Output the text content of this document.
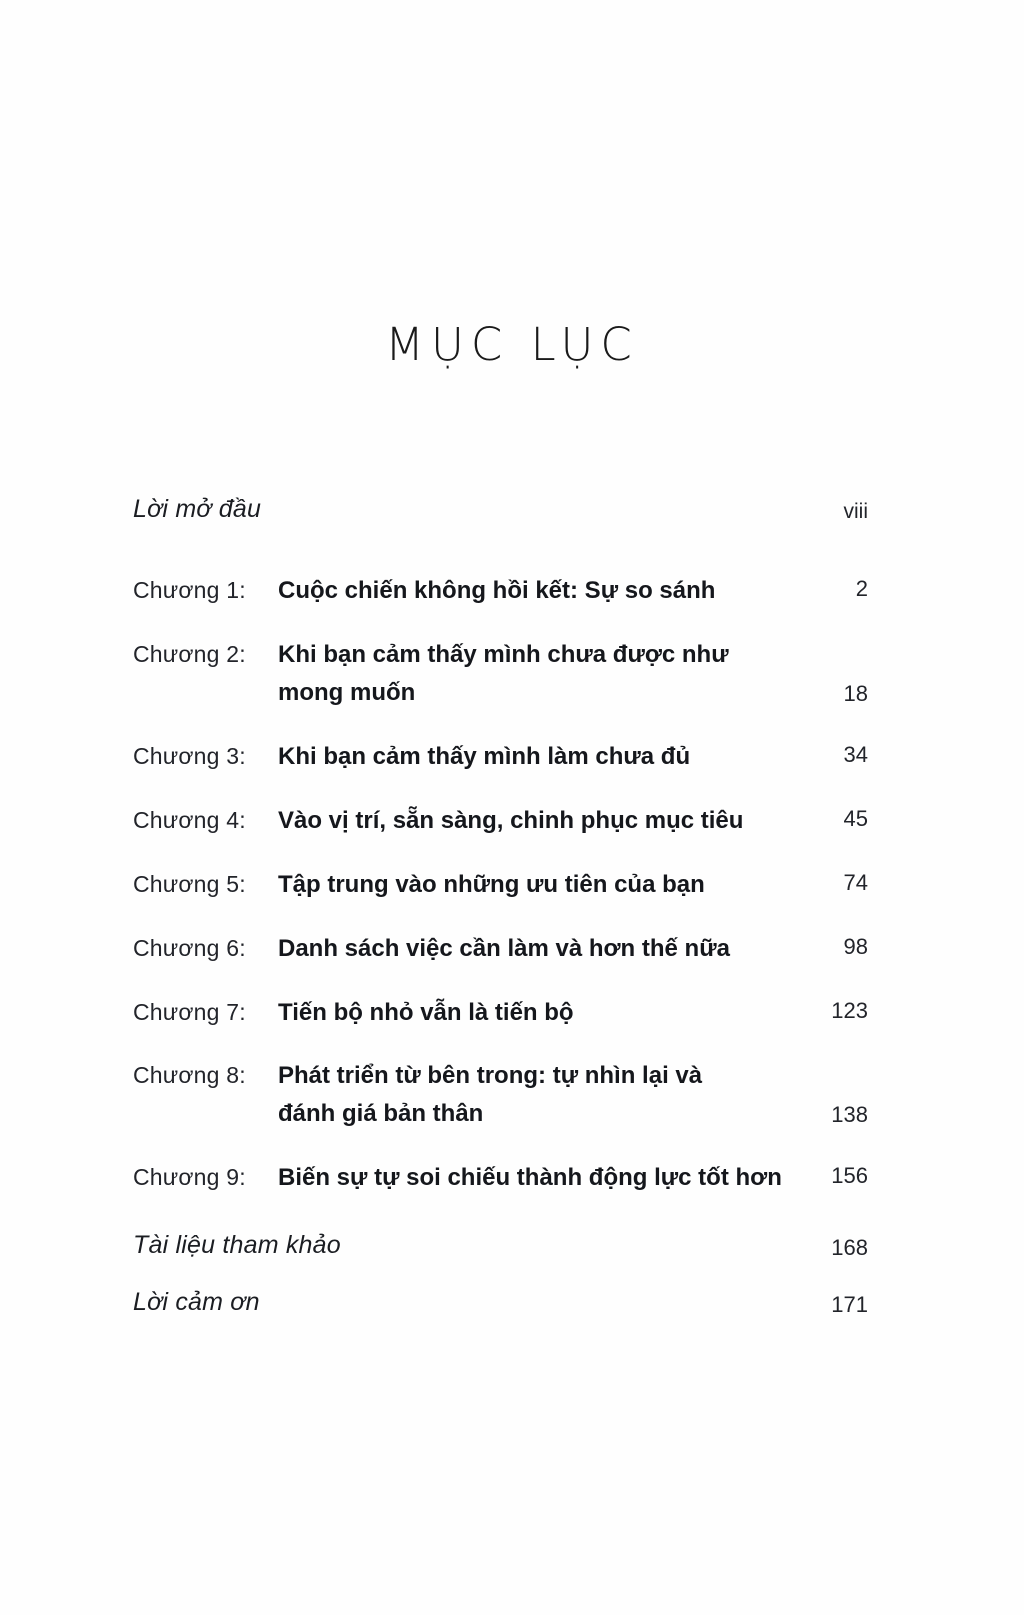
MỤC LỤC
Lời mở đầu	viii
Chương 1:	Cuộc chiến không hồi kết: Sự so sánh	2
Chương 2:	Khi bạn cảm thấy mình chưa được như
mong muốn	18
Chương 3:	Khi bạn cảm thấy mình làm chưa đủ	34
Chương 4:	Vào vị trí, sẵn sàng, chinh phục mục tiêu	45
Chương 5:	Tập trung vào những ưu tiên của bạn	74
Chương 6:	Danh sách việc cần làm và hơn thế nữa	98
Chương 7:	Tiến bộ nhỏ vẫn là tiến bộ	123
Chương 8:	Phát triển từ bên trong: tự nhìn lại và
đánh giá bản thân	138
Chương 9:	Biến sự tự soi chiếu thành động lực tốt hơn	156
Tài liệu tham khảo	168
Lời cảm ơn	171
